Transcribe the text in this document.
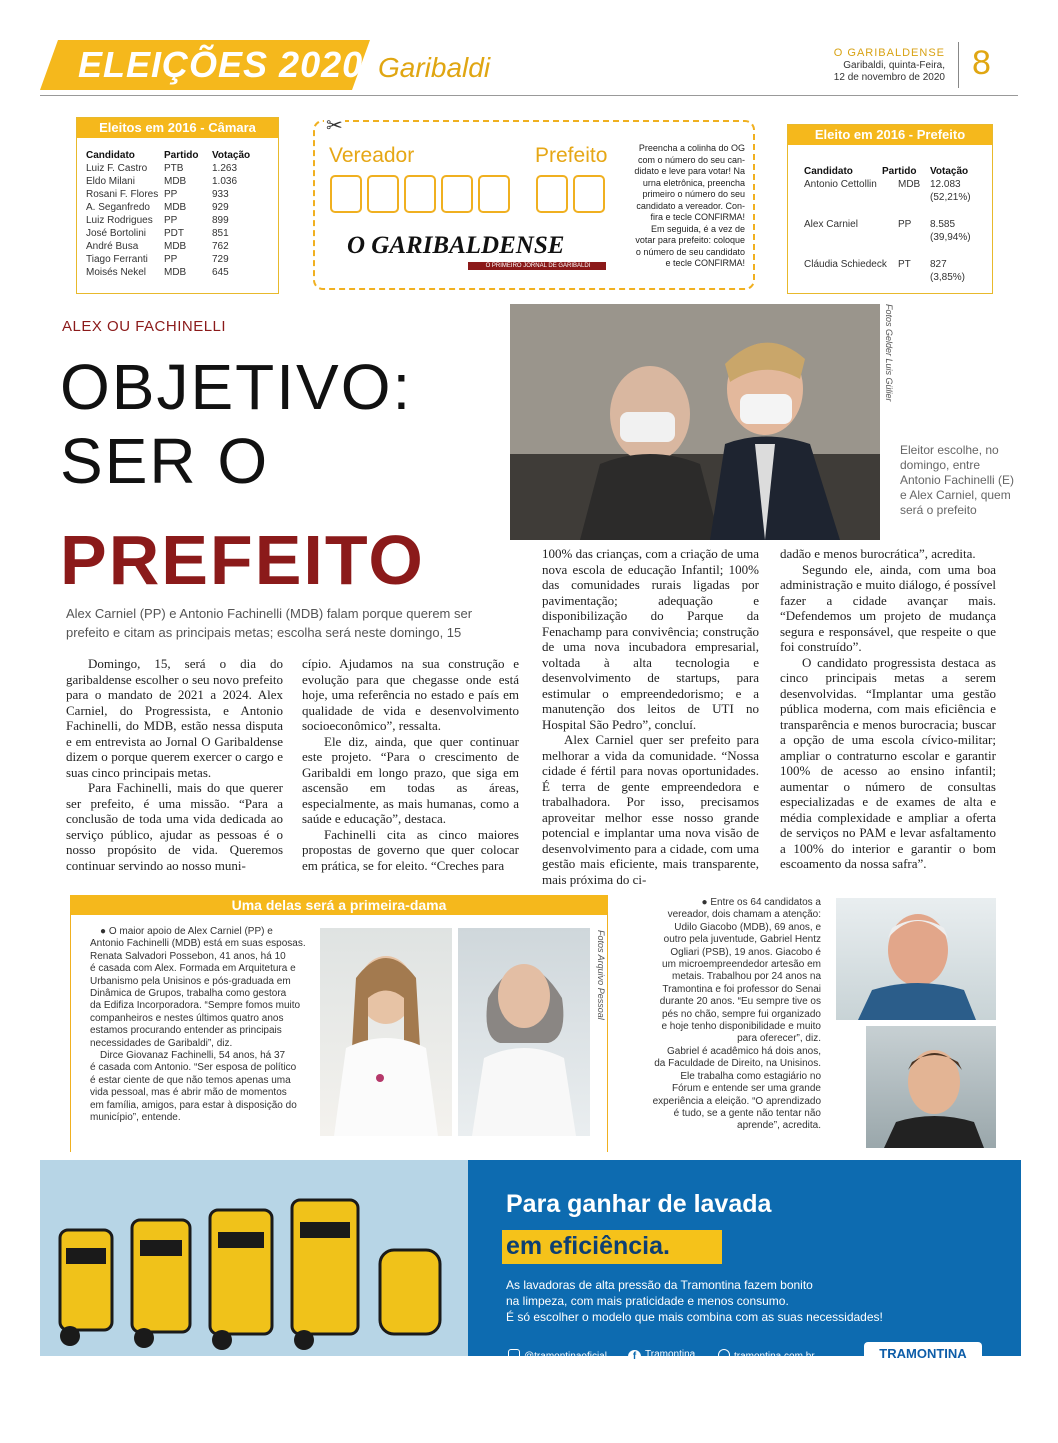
ELEIÇÕES 2020 Garibaldi	O GARIBALDENSE
Garibaldi, quinta-Feira,
12 de novembro de 2020 8
Eleitos em 2016 - Câmara
Candidato	Partido	Votação
Luiz F. Castro	PTB	1.263
Eldo Milani	MDB	1.036
Rosani F. Flores PP	933
A. Seganfredo	MDB	929
Luiz Rodrigues	PP	899
José Bortolini	PDT	851
André Busa	MDB	762
Tiago Ferranti	PP	729
Moisés Nekel	MDB	645
✂
Vereador	Prefeito
O GARIBALDENSE
O PRIMEIRO JORNAL DE GARIBALDI
Preencha a colinha do OG
com o número do seu can-
didato e leve para votar! Na
urna eletrônica, preencha
primeiro o número do seu
candidato a vereador. Con-
fira e tecle CONFIRMA!
Em seguida, é a vez de
votar para prefeito: coloque
o número de seu candidato
e tecle CONFIRMA!
Eleito em 2016 - Prefeito
Candidato	Partido	Votação
Antonio Cettollin	MDB 12.083
(52,21%)
Alex Carniel	PP	8.585
(39,94%)
Cláudia Schiedeck	PT	827
(3,85%)
ALEX OU FACHINELLI
OBJETIVO:
SER O
PREFEITO
Alex Carniel (PP) e Antonio Fachinelli (MDB) falam porque querem ser prefeito e citam as principais metas; escolha será neste domingo, 15
Fotos Gelder Luis Gülier
Eleitor escolhe, no domingo, entre Antonio Fachinelli (E) e Alex Carniel, quem será o prefeito

Domingo, 15, será o dia do garibaldense escolher o seu novo prefeito para o mandato de 2021 a 2024. Alex Carniel, do Progressista, e Antonio Fachinelli, do MDB, estão nessa disputa e em entrevista ao Jornal O Garibaldense dizem o porque querem exercer o cargo e suas cinco principais metas.

Para Fachinelli, mais do que querer ser prefeito, é uma missão. “Para a conclusão de toda uma vida dedicada ao serviço público, ajudar as pessoas é o nosso propósito de vida. Queremos continuar servindo ao nosso muni-

cípio. Ajudamos na sua construção e evolução para que chegasse onde está hoje, uma referência no estado e país em qualidade de vida e desenvolvimento socioeconômico”, ressalta.

Ele diz, ainda, que quer continuar este projeto. “Para o crescimento de Garibaldi em longo prazo, que siga em ascensão em todas as áreas, especialmente, as mais humanas, como a saúde e educação”, destaca.

Fachinelli cita as cinco maiores propostas de governo que quer colocar em prática, se for eleito. “Creches para

100% das crianças, com a criação de uma nova escola de educação Infantil; 100% das comunidades rurais ligadas por pavimentação; adequação e disponibilização do Parque da Fenachamp para convivência; construção de uma nova incubadora empresarial, voltada à alta tecnologia e desenvolvimento de startups, para estimular o empreendedorismo; e a manutenção dos leitos de UTI no Hospital São Pedro”, concluí.

Alex Carniel quer ser prefeito para melhorar a vida da comunidade. “Nossa cidade é fértil para novas oportunidades. É terra de gente empreendedora e trabalhadora. Por isso, precisamos aproveitar melhor esse nosso grande potencial e implantar uma nova visão de desenvolvimento para a cidade, com uma gestão mais eficiente, mais transparente, mais próxima do ci-

dadão e menos burocrática”, acredita.

Segundo ele, ainda, com uma boa administração e muito diálogo, é possível fazer a cidade avançar mais. “Defendemos um projeto de mudança segura e responsável, que respeite o que foi construído”.

O candidato progressista destaca as cinco principais metas a serem desenvolvidas. “Implantar uma gestão pública moderna, com mais eficiência e transparência e menos burocracia; buscar a opção de uma escola cívico-militar; ampliar o contraturno escolar e garantir 100% de acesso ao ensino infantil; aumentar o número de consultas especializadas e de exames de alta e média complexidade e ampliar a oferta de serviços no PAM e levar asfaltamento a 100% do interior e garantir o bom escoamento da nossa safra”.

Uma delas será a primeira-dama
● O maior apoio de Alex Carniel (PP) e
Antonio Fachinelli (MDB) está em suas esposas.
Renata Salvadori Possebon, 41 anos, há 10
é casada com Alex. Formada em Arquitetura e
Urbanismo pela Unisinos e pós-graduada em
Dinâmica de Grupos, trabalha como gestora
da Edifiza Incorporadora. “Sempre fomos muito
companheiros e nestes últimos quatro anos
estamos procurando entender as principais
necessidades de Garibaldi”, diz.
Dirce Giovanaz Fachinelli, 54 anos, há 37
é casada com Antonio. “Ser esposa de político
é estar ciente de que não temos apenas uma
vida pessoal, mas é abrir mão de momentos
em família, amigos, para estar à disposição do
município”, entende.
Fotos Arquivo Pessoal
● Entre os 64 candidatos a
vereador, dois chamam a atenção:
Udilo Giacobo (MDB), 69 anos, e
outro pela juventude, Gabriel Hentz
Ogliari (PSB), 19 anos. Giacobo é
um microempreendedor artesão em
metais. Trabalhou por 24 anos na
Tramontina e foi professor do Senai
durante 20 anos. “Eu sempre tive os
pés no chão, sempre fui organizado
e hoje tenho disponibilidade e muito
para oferecer”, diz.
Gabriel é acadêmico há dois anos,
da Faculdade de Direito, na Unisinos.
Ele trabalha como estagiário no
Fórum e entende ser uma grande
experiência a eleição. “O aprendizado
é tudo, se a gente não tentar não
aprende”, acredita.
Para ganhar de lavada
em eficiência.
As lavadoras de alta pressão da Tramontina fazem bonito
na limpeza, com mais praticidade e menos consumo.
É só escolher o modelo que mais combina com as suas necessidades!
@tramontinaoficial	f Tramontina	tramontina.com.br	TRAMONTINA
o prazer de fazer bonito
